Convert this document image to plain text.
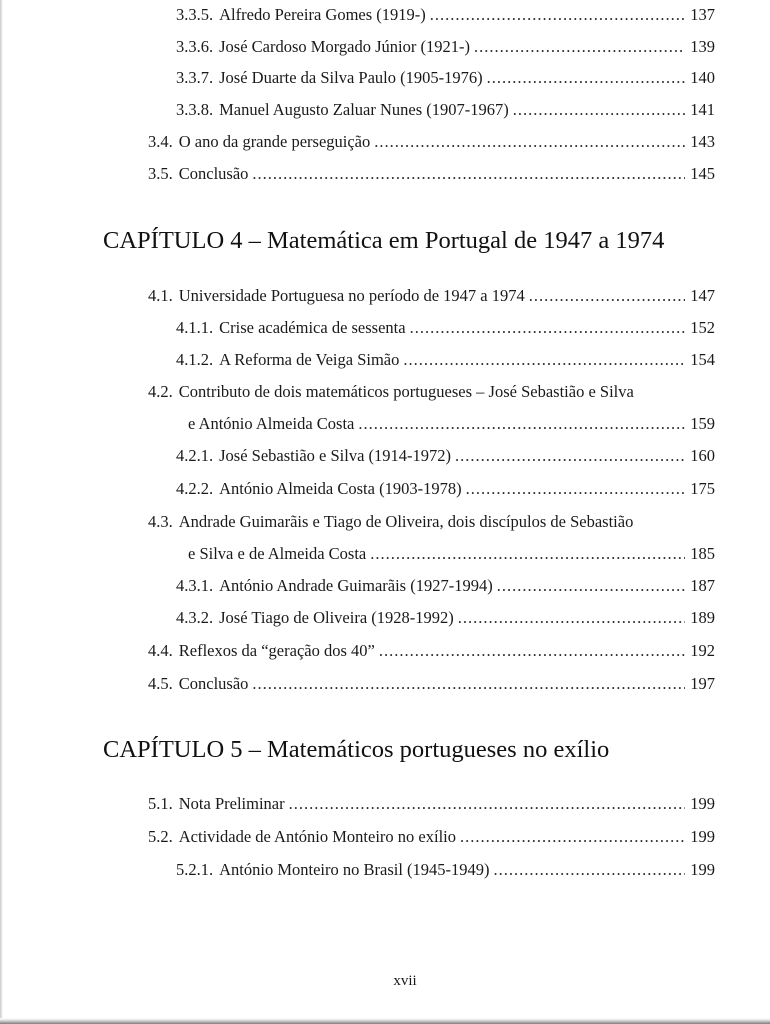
3.3.5. Alfredo Pereira Gomes (1919-) .....	137
3.3.6. José Cardoso Morgado Júnior (1921-) .....	139
3.3.7. José Duarte da Silva Paulo (1905-1976) .....	140
3.3.8. Manuel Augusto Zaluar Nunes (1907-1967) .....	141
3.4. O ano da grande perseguição .....	143
3.5. Conclusão .....	145
CAPÍTULO 4 – Matemática em Portugal de 1947 a 1974
4.1. Universidade Portuguesa no período de 1947 a 1974 .....	147
4.1.1. Crise académica de sessenta .....	152
4.1.2. A Reforma de Veiga Simão .....	154
4.2. Contributo de dois matemáticos portugueses – José Sebastião e Silva
e António Almeida Costa .....	159
4.2.1. José Sebastião e Silva (1914-1972) .....	160
4.2.2. António Almeida Costa (1903-1978) .....	175
4.3. Andrade Guimarãis e Tiago de Oliveira, dois discípulos de Sebastião
e Silva e de Almeida Costa .....	185
4.3.1. António Andrade Guimarãis (1927-1994) .....	187
4.3.2. José Tiago de Oliveira (1928-1992) .....	189
4.4. Reflexos da “geração dos 40” .....	192
4.5. Conclusão .....	197
CAPÍTULO 5 – Matemáticos portugueses no exílio
5.1. Nota Preliminar .....	199
5.2. Actividade de António Monteiro no exílio .....	199
5.2.1. António Monteiro no Brasil (1945-1949) .....	199
xvii
